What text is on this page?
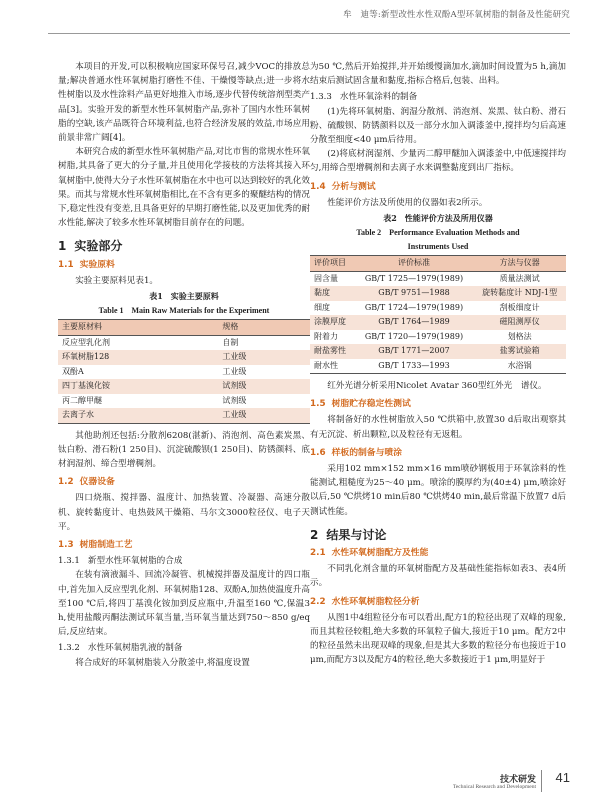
牟　迪等:新型改性水性双酚A型环氧树脂的制备及性能研究

本项目的开发,可以积极响应国家环保号召,减少VOC的排放总量;解决普通水性环氧树脂打磨性不佳、干燥慢等缺点;进一步将水性树脂以及水性涂料产品更好地推入市场,逐步代替传统溶剂型类产品[3]。实验开发的新型水性环氧树脂产品,弥补了国内水性环氧树脂的空缺,该产品既符合环境利益,也符合经济发展的效益,市场应用前景非常广阔[4]。

本研究合成的新型水性环氧树脂产品,对比市售的常规水性环氧树脂,其具备了更大的分子量,并且使用化学接枝的方法将其接入环氧树脂中,使得大分子水性环氧树脂在水中也可以达到较好的乳化效果。而其与常规水性环氧树脂相比,在不含有更多的聚醚结构的情况下,稳定性没有变差,且具备更好的早期打磨性能,以及更加优秀的耐水性能,解决了较多水性环氧树脂目前存在的问题。

1 实验部分
1.1 实验原料

实验主要原料见表1。

表1　实验主要原料
Table 1　Main Raw Materials for the Experiment
主要原材料	规格
反应型乳化剂	自制
环氧树脂128	工业级
双酚A	工业级
四丁基溴化铵	试剂级
丙二醇甲醚	试剂级
去离子水	工业级

其他助剂还包括:分散剂6208(湛新)、消泡剂、高色素炭黑、钛白粉、滑石粉(1 250目)、沉淀硫酸钡(1 250目)、防锈颜料、底材润湿剂、缔合型增稠剂。

1.2 仪器设备

四口烧瓶、搅拌器、温度计、加热装置、冷凝器、高速分散机、旋转黏度计、电热鼓风干燥箱、马尔文3000粒径仪、电子天平。

1.3 树脂制造工艺
1.3.1 新型水性环氧树脂的合成

在装有滴液漏斗、回流冷凝管、机械搅拌器及温度计的四口瓶中,首先加入反应型乳化剂、环氧树脂128、双酚A,加热使温度升高至100 ℃后,将四丁基溴化铵加到反应瓶中,升温至160 ℃,保温3 h,使用盐酸丙酮法测试环氧当量,当环氧当量达到750～850 g/eq后,反应结束。

1.3.2 水性环氧树脂乳液的制备

将合成好的环氧树脂装入分散釜中,将温度设置

为50 ℃,然后开始搅拌,并开始缓慢滴加水,滴加时间设置为5 h,滴加结束后测试固含量和黏度,指标合格后,包装、出料。

1.3.3 水性环氧涂料的制备

(1)先将环氧树脂、润湿分散剂、消泡剂、炭黑、钛白粉、滑石粉、硫酸钡、防锈颜料以及一部分水加入调漆釜中,搅拌均匀后高速分散至细度<40 μm后待用。

(2)将底材润湿剂、少量丙二醇甲醚加入调漆釜中,中低速搅拌均匀,用缔合型增稠剂和去离子水来调整黏度到出厂指标。

1.4 分析与测试

性能评价方法及所使用的仪器如表2所示。

表2　性能评价方法及所用仪器
Table 2　Performance Evaluation Methods and
Instruments Used
评价项目	评价标准	方法与仪器
固含量	GB/T 1725—1979(1989)	质量法测试
黏度	GB/T 9751—1988	旋转黏度计 NDJ-1型
细度	GB/T 1724—1979(1989)	刮板细度计
涂膜厚度	GB/T 1764—1989	磁阻测厚仪
附着力	GB/T 1720—1979(1989)	划格法
耐盐雾性	GB/T 1771—2007	盐雾试验箱
耐水性	GB/T 1733—1993	水浴锅

红外光谱分析采用Nicolet Avatar 360型红外光　谱仪。

1.5 树脂贮存稳定性测试

将制备好的水性树脂放入50 ℃烘箱中,放置30 d后取出观察其有无沉淀、析出颗粒,以及粒径有无返粗。

1.6 样板的制备与喷涂

采用102 mm×152 mm×16 mm喷砂钢板用于环氧涂料的性能测试,粗糙度为25～40 μm。喷涂的膜厚约为(40±4) μm,喷涂好以后,50 ℃烘烤10 min后80 ℃烘烤40 min,最后常温下放置7 d后测试性能。

2 结果与讨论
2.1 水性环氧树脂配方及性能

不同乳化剂含量的环氧树脂配方及基础性能指标如表3、表4所示。

2.2 水性环氧树脂粒径分析

从图1中4组粒径分布可以看出,配方1的粒径出现了双峰的现象,而且其粒径较粗,绝大多数的环氧粒子偏大,接近于10 μm。配方2中的粒径虽然未出现双峰的现象,但是其大多数的粒径分布也接近于10 μm,而配方3以及配方4的粒径,绝大多数接近于1 μm,明显好于

技术研发
Technical Research and Development
41
